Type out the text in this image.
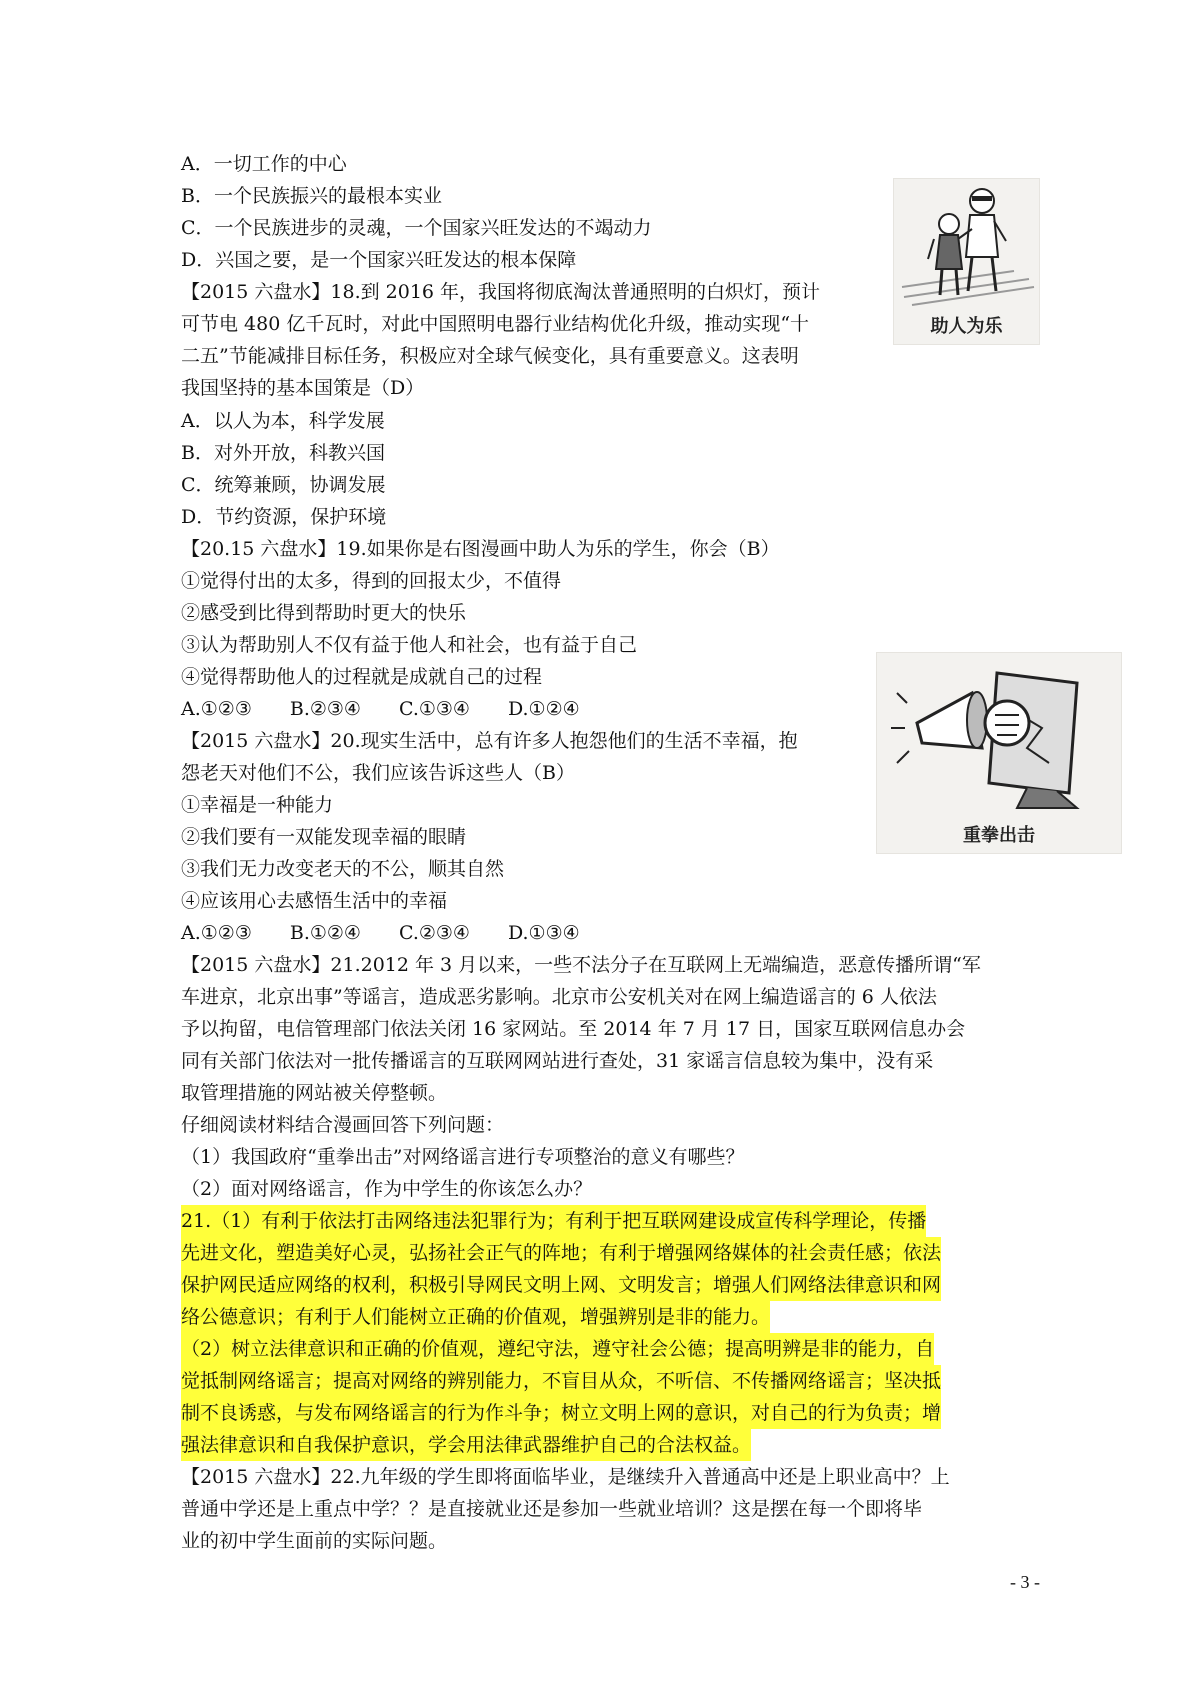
A．一切工作的中心
B．一个民族振兴的最根本实业
C．一个民族进步的灵魂，一个国家兴旺发达的不竭动力
D．兴国之要，是一个国家兴旺发达的根本保障
【2015 六盘水】18.到 2016 年，我国将彻底淘汰普通照明的白炽灯，预计
可节电 480 亿千瓦时，对此中国照明电器行业结构优化升级，推动实现“十
二五”节能减排目标任务，积极应对全球气候变化，具有重要意义。这表明
我国坚持的基本国策是（D）
A．以人为本，科学发展
B．对外开放，科教兴国
C．统筹兼顾，协调发展
D．节约资源，保护环境
【20.15 六盘水】19.如果你是右图漫画中助人为乐的学生，你会（B）
①觉得付出的太多，得到的回报太少，不值得
②感受到比得到帮助时更大的快乐
③认为帮助别人不仅有益于他人和社会，也有益于自己
④觉得帮助他人的过程就是成就自己的过程
A.①②③　　B.②③④　　C.①③④　　D.①②④
【2015 六盘水】20.现实生活中，总有许多人抱怨他们的生活不幸福，抱
怨老天对他们不公，我们应该告诉这些人（B）
①幸福是一种能力
②我们要有一双能发现幸福的眼睛
③我们无力改变老天的不公，顺其自然
④应该用心去感悟生活中的幸福
A.①②③　　B.①②④　　C.②③④　　D.①③④
【2015 六盘水】21.2012 年 3 月以来，一些不法分子在互联网上无端编造，恶意传播所谓“军
车进京，北京出事”等谣言，造成恶劣影响。北京市公安机关对在网上编造谣言的 6 人依法
予以拘留，电信管理部门依法关闭 16 家网站。至 2014 年 7 月 17 日，国家互联网信息办会
同有关部门依法对一批传播谣言的互联网网站进行查处，31 家谣言信息较为集中，没有采
取管理措施的网站被关停整顿。
仔细阅读材料结合漫画回答下列问题：
（1）我国政府“重拳出击”对网络谣言进行专项整治的意义有哪些？
（2）面对网络谣言，作为中学生的你该怎么办？
21.（1）有利于依法打击网络违法犯罪行为；有利于把互联网建设成宣传科学理论，传播
先进文化，塑造美好心灵，弘扬社会正气的阵地；有利于增强网络媒体的社会责任感；依法
保护网民适应网络的权利，积极引导网民文明上网、文明发言；增强人们网络法律意识和网
络公德意识；有利于人们能树立正确的价值观，增强辨别是非的能力。
（2）树立法律意识和正确的价值观，遵纪守法，遵守社会公德；提高明辨是非的能力，自
觉抵制网络谣言；提高对网络的辨别能力，不盲目从众，不听信、不传播网络谣言；坚决抵
制不良诱惑，与发布网络谣言的行为作斗争；树立文明上网的意识，对自己的行为负责；增
强法律意识和自我保护意识，学会用法律武器维护自己的合法权益。
【2015 六盘水】22.九年级的学生即将面临毕业，是继续升入普通高中还是上职业高中？上
普通中学还是上重点中学？？是直接就业还是参加一些就业培训？这是摆在每一个即将毕
业的初中学生面前的实际问题。
助人为乐
重拳出击
- 3 -
